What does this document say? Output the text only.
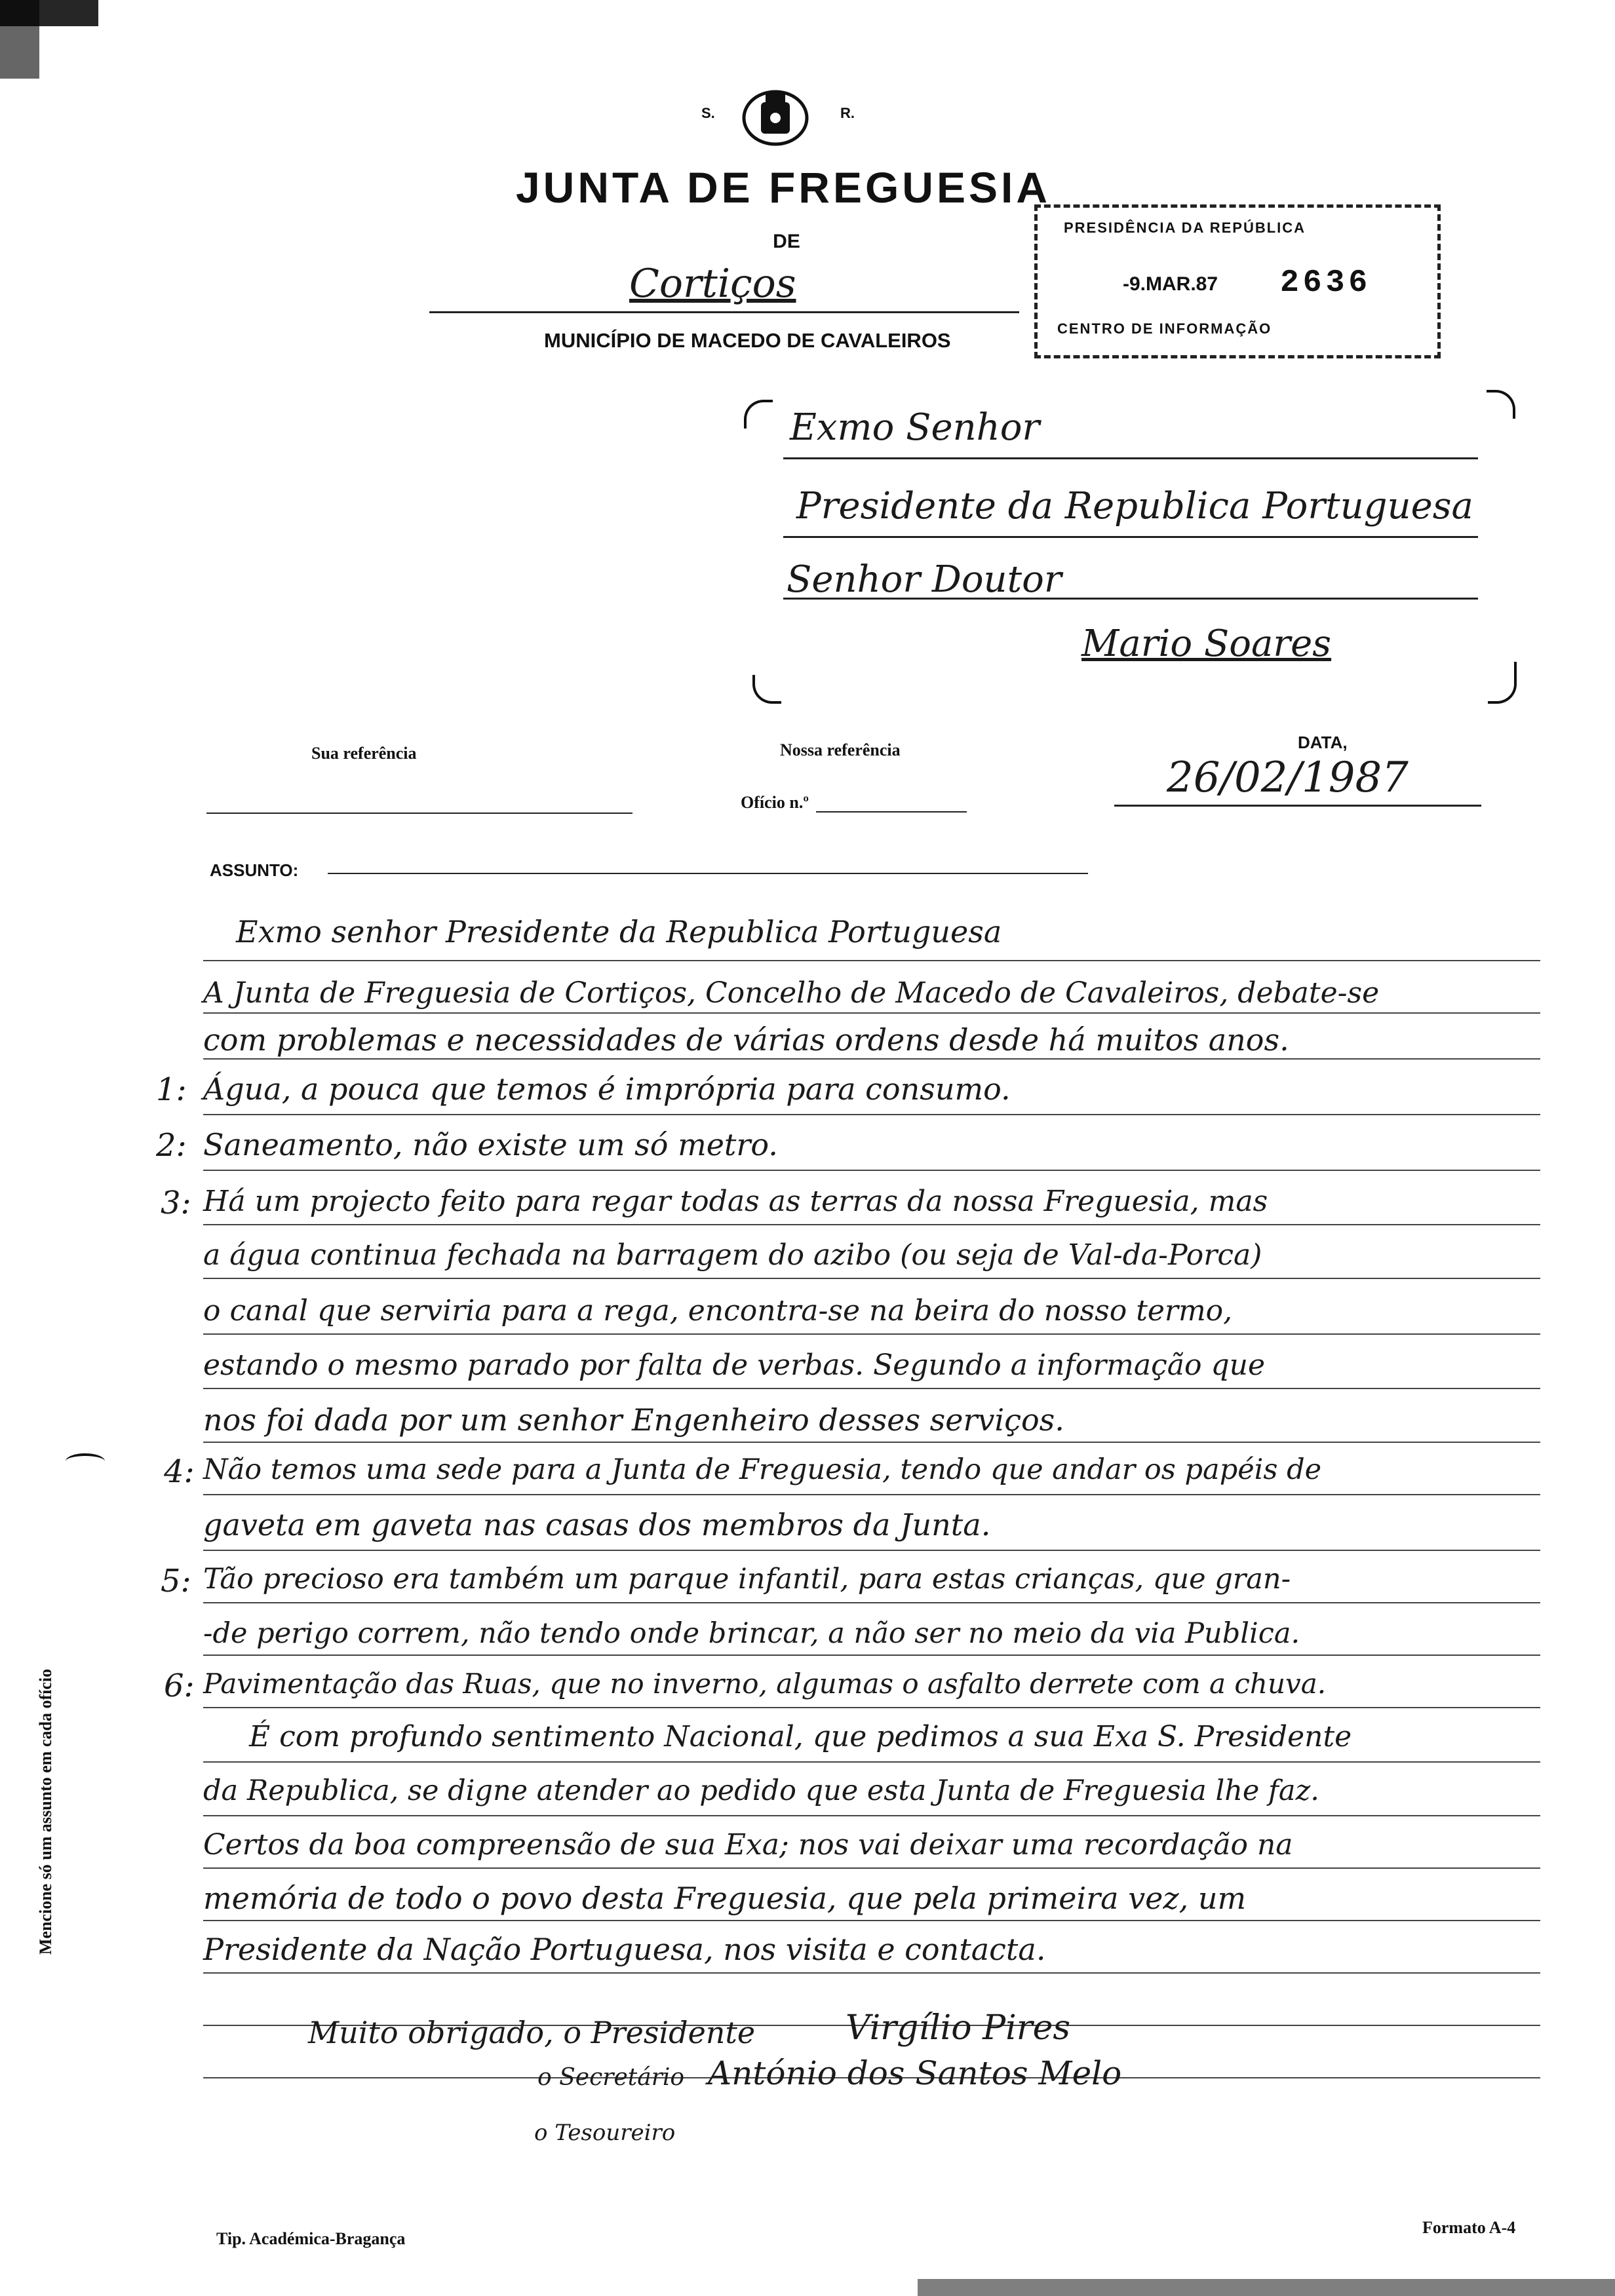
S.	R.
JUNTA DE FREGUESIA
DE
Cortiços
MUNICÍPIO DE MACEDO DE CAVALEIROS
PRESIDÊNCIA DA REPÚBLICA
-9.MAR.87 2636
CENTRO DE INFORMAÇÃO
Exmo Senhor
Presidente da Republica Portuguesa
Senhor Doutor
Mario Soares
Sua referência	Nossa referência
Ofício n.º
DATA,
26/02/1987
ASSUNTO:
Exmo senhor Presidente da Republica Portuguesa
A Junta de Freguesia de Cortiços, Concelho de Macedo de Cavaleiros, debate-se
com problemas e necessidades de várias ordens desde há muitos anos.
1: Água, a pouca que temos é imprópria para consumo.
2: Saneamento, não existe um só metro.
3: Há um projecto feito para regar todas as terras da nossa Freguesia, mas
a água continua fechada na barragem do azibo (ou seja de Val-da-Porca)
o canal que serviria para a rega, encontra-se na beira do nosso termo,
estando o mesmo parado por falta de verbas. Segundo a informação que
nos foi dada por um senhor Engenheiro desses serviços.
4: Não temos uma sede para a Junta de Freguesia, tendo que andar os papéis de
gaveta em gaveta nas casas dos membros da Junta.
5: Tão precioso era também um parque infantil, para estas crianças, que gran-
-de perigo correm, não tendo onde brincar, a não ser no meio da via Publica.
6: Pavimentação das Ruas, que no inverno, algumas o asfalto derrete com a chuva.
É com profundo sentimento Nacional, que pedimos a sua Exa S. Presidente
da Republica, se digne atender ao pedido que esta Junta de Freguesia lhe faz.
Certos da boa compreensão de sua Exa; nos vai deixar uma recordação na
memória de todo o povo desta Freguesia, que pela primeira vez, um
Presidente da Nação Portuguesa, nos visita e contacta.
Muito obrigado, o Presidente	Virgílio Pires
o Secretário António dos Santos Melo
o Tesoureiro
Tip. Académica-Bragança
Formato A-4
Mencione só um assunto em cada ofício
